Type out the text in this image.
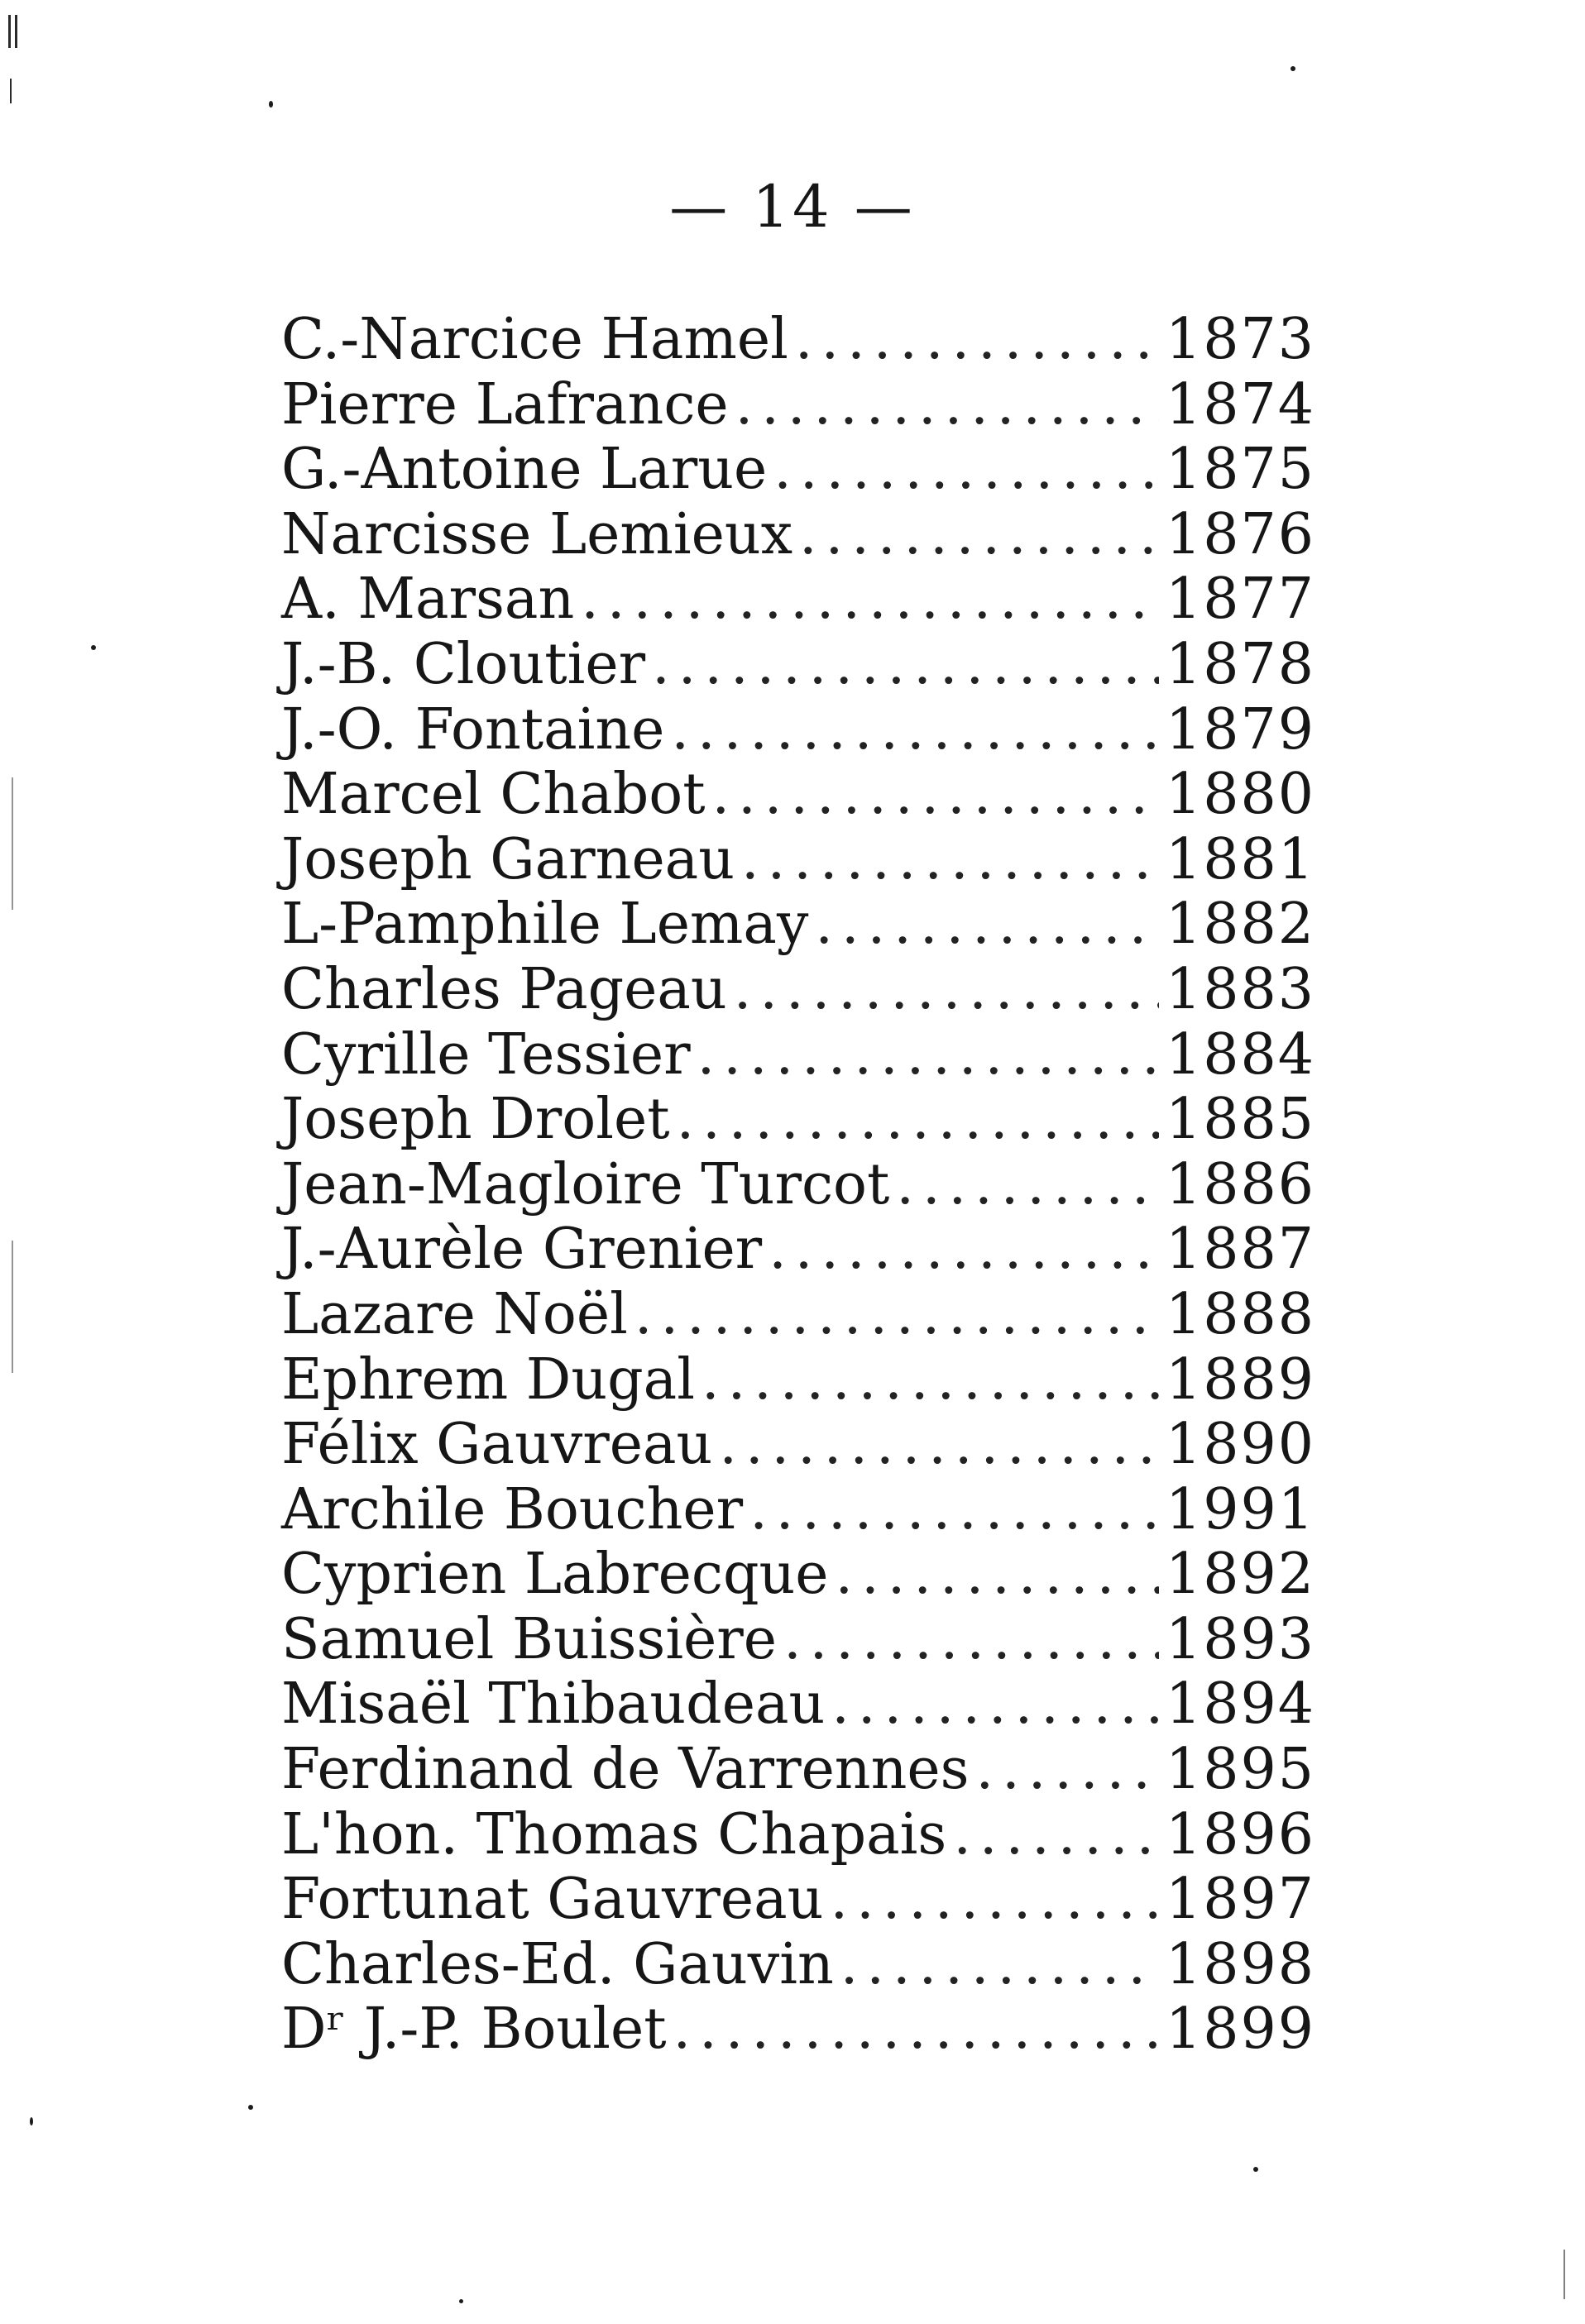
— 14 —
C.-Narcice Hamel .....	1873
Pierre Lafrance .....	1874
G.-Antoine Larue .....	1875
Narcisse Lemieux .....	1876
A. Marsan .....	1877
J.-B. Cloutier .....	1878
J.-O. Fontaine .....	1879
Marcel Chabot .....	1880
Joseph Garneau .....	1881
L-Pamphile Lemay .....	1882
Charles Pageau .....	1883
Cyrille Tessier .....	1884
Joseph Drolet .....	1885
Jean-Magloire Turcot .....	1886
J.-Aurèle Grenier .....	1887
Lazare Noël .....	1888
Ephrem Dugal .....	1889
Félix Gauvreau .....	1890
Archile Boucher .....	1991
Cyprien Labrecque .....	1892
Samuel Buissière .....	1893
Misaël Thibaudeau .....	1894
Ferdinand de Varrennes .....	1895
L'hon. Thomas Chapais .....	1896
Fortunat Gauvreau .....	1897
Charles-Ed. Gauvin .....	1898
Dʳ J.-P. Boulet .....	1899
